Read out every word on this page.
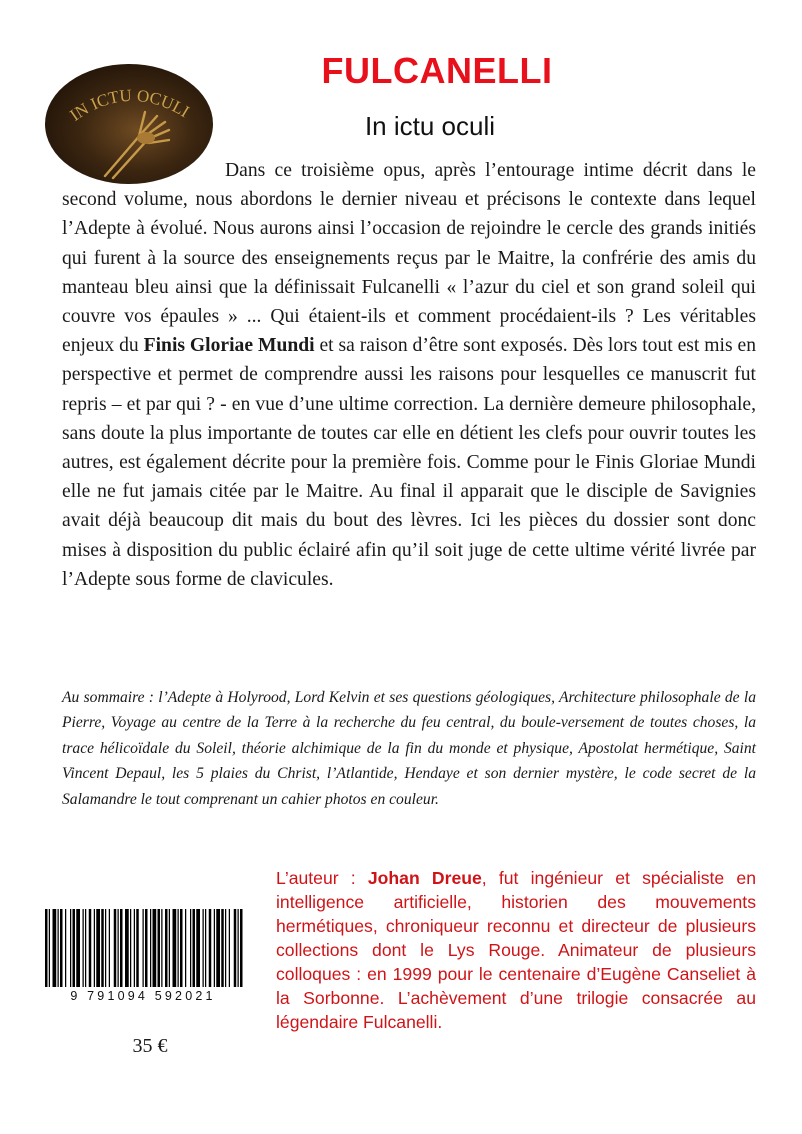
IN ICTU OCULI
FULCANELLI

In ictu oculi

Dans ce troisième opus, après l’entourage intime décrit dans le second volume, nous abordons le dernier niveau et précisons le contexte dans lequel l’Adepte à évolué. Nous aurons ainsi l’occasion de rejoindre le cercle des grands initiés qui furent à la source des enseignements reçus par le Maitre, la confrérie des amis du manteau bleu ainsi que la définissait Fulcanelli « l’azur du ciel et son grand soleil qui couvre vos épaules » ... Qui étaient-ils et comment procédaient-ils ? Les véritables enjeux du Finis Gloriae Mundi et sa raison d’être sont exposés. Dès lors tout est mis en perspective et permet de comprendre aussi les raisons pour lesquelles ce manuscrit fut repris – et par qui ? - en vue d’une ultime correction. La dernière demeure philosophale, sans doute la plus importante de toutes car elle en détient les clefs pour ouvrir toutes les autres, est également décrite pour la première fois. Comme pour le Finis Gloriae Mundi elle ne fut jamais citée par le Maitre. Au final il apparait que le disciple de Savignies avait déjà beaucoup dit mais du bout des lèvres. Ici les pièces du dossier sont donc mises à disposition du public éclairé afin qu’il soit juge de cette ultime vérité livrée par l’Adepte sous forme de clavicules.

Au sommaire : l’Adepte à Holyrood, Lord Kelvin et ses questions géologiques, Architecture philosophale de la Pierre, Voyage au centre de la Terre à la recherche du feu central, du boule-versement de toutes choses, la trace hélicoïdale du Soleil, théorie alchimique de la fin du monde et physique, Apostolat hermétique, Saint Vincent Depaul, les 5 plaies du Christ, l’Atlantide, Hendaye et son dernier mystère, le code secret de la Salamandre le tout comprenant un cahier photos en couleur.

L’auteur : Johan Dreue, fut ingénieur et spécialiste en intelligence artificielle, historien des mouvements hermétiques, chroniqueur reconnu et directeur de plusieurs collections dont le Lys Rouge. Animateur de plusieurs colloques : en 1999 pour le centenaire d’Eugène Canseliet à la Sorbonne. L’achèvement d’une trilogie consacrée au légendaire Fulcanelli.

9 791094 592021

35 €
